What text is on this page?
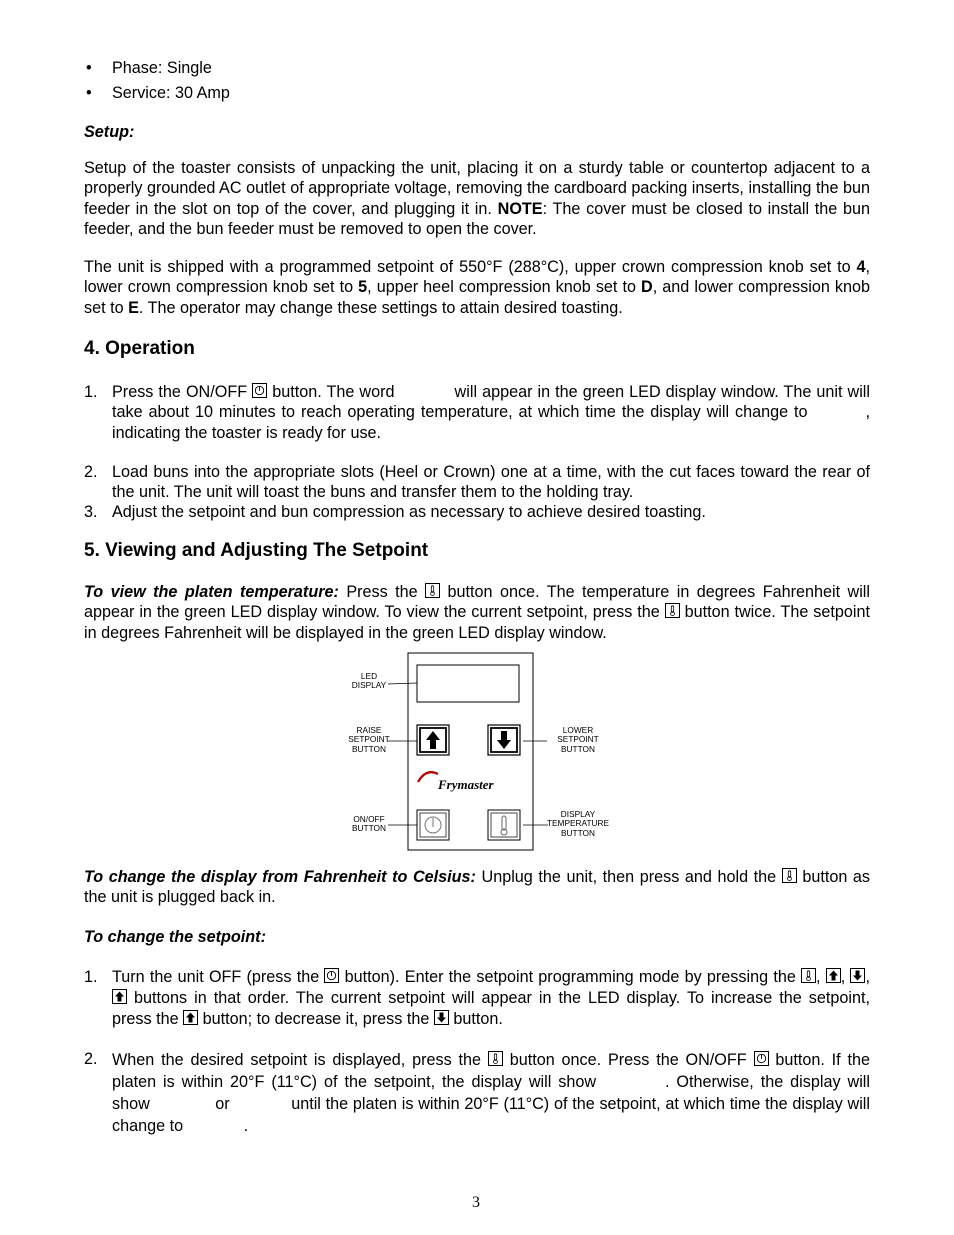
• Phase: Single
• Service: 30 Amp
Setup:
Setup of the toaster consists of unpacking the unit, placing it on a sturdy table or countertop adjacent to a properly grounded AC outlet of appropriate voltage, removing the cardboard packing inserts, installing the bun feeder in the slot on top of the cover, and plugging it in. NOTE: The cover must be closed to install the bun feeder, and the bun feeder must be removed to open the cover.
The unit is shipped with a programmed setpoint of 550°F (288°C), upper crown compression knob set to 4, lower crown compression knob set to 5, upper heel compression knob set to D, and lower compression knob set to E. The operator may change these settings to attain desired toasting.
4. Operation
1. Press the ON/OFF
button. The word	will appear in the green LED display window. The unit will take about 10 minutes to reach operating temperature, at which time the display will change to	, indicating the toaster is ready for use.
2. Load buns into the appropriate slots (Heel or Crown) one at a time, with the cut faces toward the rear of the unit. The unit will toast the buns and transfer them to the holding tray.
3. Adjust the setpoint and bun compression as necessary to achieve desired toasting.
5. Viewing and Adjusting The Setpoint
To view the platen temperature: Press the
button once. The temperature in degrees Fahrenheit will appear in the green LED display window. To view the current setpoint, press the
button twice. The setpoint in degrees Fahrenheit will be displayed in the green LED display window.
LED
DISPLAY
RAISE
SETPOINT
BUTTON
LOWER
SETPOINT
BUTTON
ON/OFF
BUTTON
DISPLAY
TEMPERATURE
BUTTON
Frymaster
To change the display from Fahrenheit to Celsius: Unplug the unit, then press and hold the
button as the unit is plugged back in.
To change the setpoint:
1. Turn the unit OFF (press the
button). Enter the setpoint programming mode by pressing the
,
,
,
buttons in that order. The current setpoint will appear in the LED display. To increase the setpoint, press the
button; to decrease it, press the
button.
2. When the desired setpoint is displayed, press the
button once. Press the ON/OFF
button. If the platen is within 20°F (11°C) of the setpoint, the display will show	. Otherwise, the display will show	or	until the platen is within 20°F (11°C) of the setpoint, at which time the display will change to	.
3
